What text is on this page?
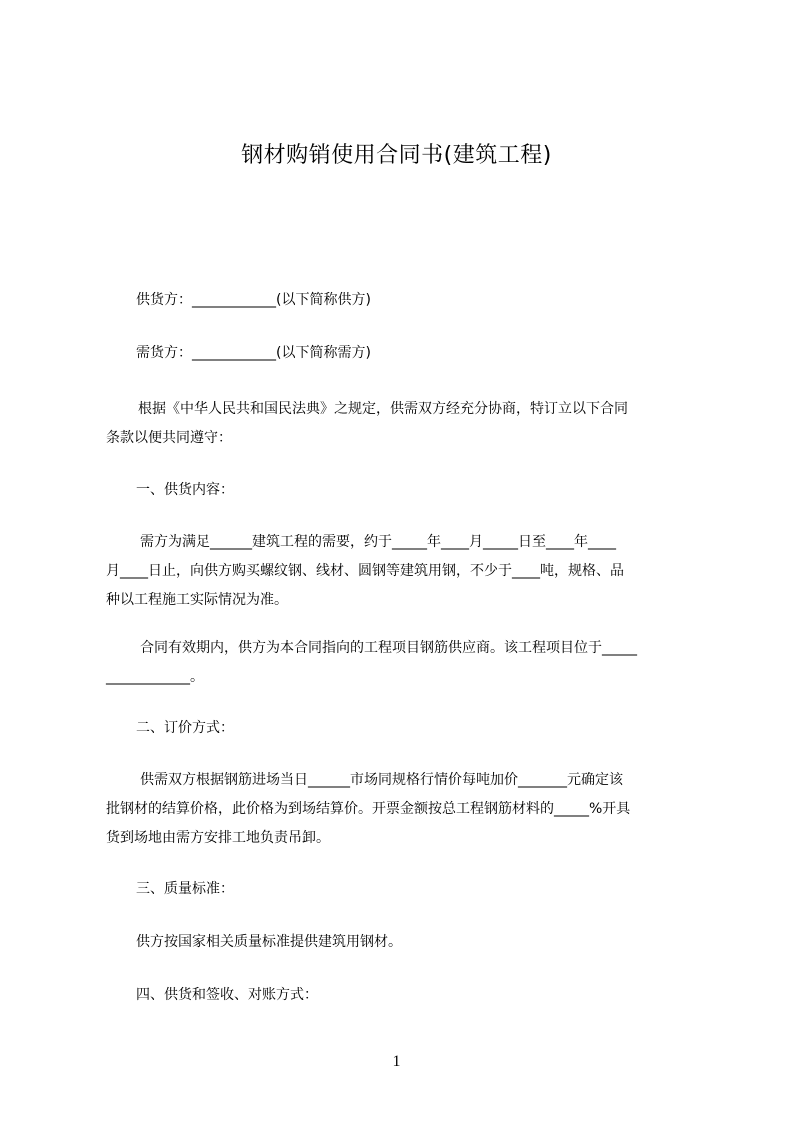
钢材购销使用合同书(建筑工程)
供货方：____________(以下简称供方)
需货方：____________(以下简称需方)
根据《中华人民共和国民法典》之规定，供需双方经充分协商，特订立以下合同
条款以便共同遵守：
一、供货内容：
需方为满足______建筑工程的需要，约于_____年____月_____日至____年____
月____日止，向供方购买螺纹钢、线材、圆钢等建筑用钢，不少于____吨，规格、品
种以工程施工实际情况为准。
合同有效期内，供方为本合同指向的工程项目钢筋供应商。该工程项目位于_____
____________。
二、订价方式：
供需双方根据钢筋进场当日______市场同规格行情价每吨加价_______元确定该
批钢材的结算价格，此价格为到场结算价。开票金额按总工程钢筋材料的_____%开具
货到场地由需方安排工地负责吊卸。
三、质量标准：
供方按国家相关质量标准提供建筑用钢材。
四、供货和签收、对账方式：
1
